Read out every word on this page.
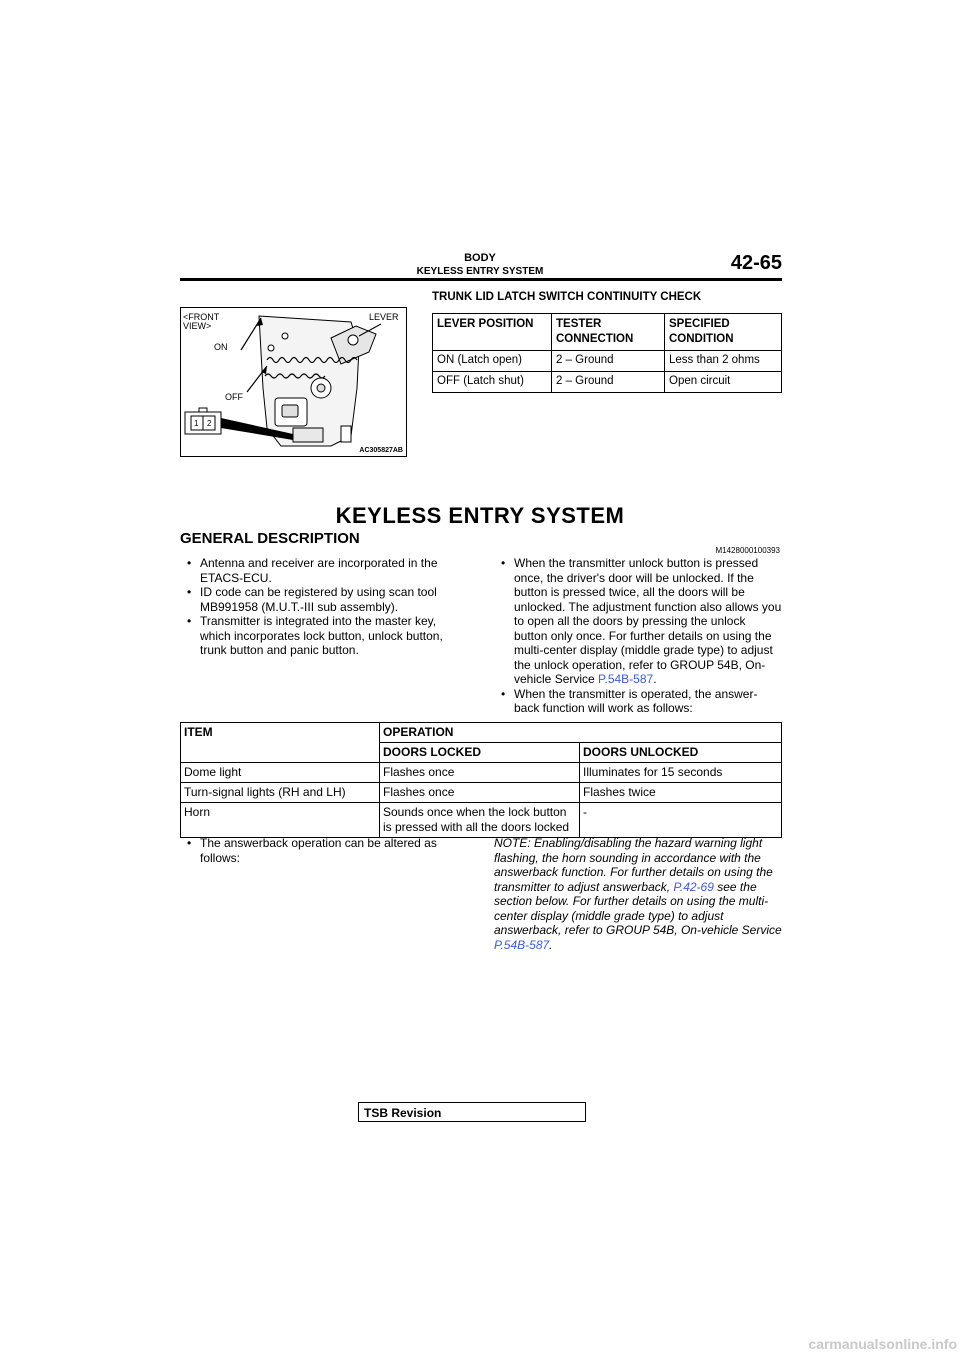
BODY
KEYLESS ENTRY SYSTEM	42-65
<FRONT
VIEW>
LEVER
ON
OFF
1 2
AC305827AB
TRUNK LID LATCH SWITCH CONTINUITY CHECK
LEVER POSITION	TESTER CONNECTION	SPECIFIED CONDITION
ON (Latch open)	2 – Ground	Less than 2 ohms
OFF (Latch shut)	2 – Ground	Open circuit
KEYLESS ENTRY SYSTEM
GENERAL DESCRIPTION
M1428000100393
• Antenna and receiver are incorporated in the ETACS-ECU.
• ID code can be registered by using scan tool MB991958 (M.U.T.-III sub assembly).
• Transmitter is integrated into the master key, which incorporates lock button, unlock button, trunk button and panic button.
• When the transmitter unlock button is pressed once, the driver's door will be unlocked. If the button is pressed twice, all the doors will be unlocked. The adjustment function also allows you to open all the doors by pressing the unlock button only once. For further details on using the multi-center display (middle grade type) to adjust the unlock operation, refer to GROUP 54B, On-vehicle Service P.54B-587.
• When the transmitter is operated, the answer-back function will work as follows:
ITEM	OPERATION	
	DOORS LOCKED	DOORS UNLOCKED
Dome light	Flashes once	Illuminates for 15 seconds
Turn-signal lights (RH and LH)	Flashes once	Flashes twice
Horn	Sounds once when the lock button is pressed with all the doors locked	-
• The answerback operation can be altered as follows:
NOTE: Enabling/disabling the hazard warning light flashing, the horn sounding in accordance with the answerback function. For further details on using the transmitter to adjust answerback, P.42-69 see the section below. For further details on using the multi-center display (middle grade type) to adjust answerback, refer to GROUP 54B, On-vehicle Service P.54B-587.
TSB Revision
carmanualsonline.info
